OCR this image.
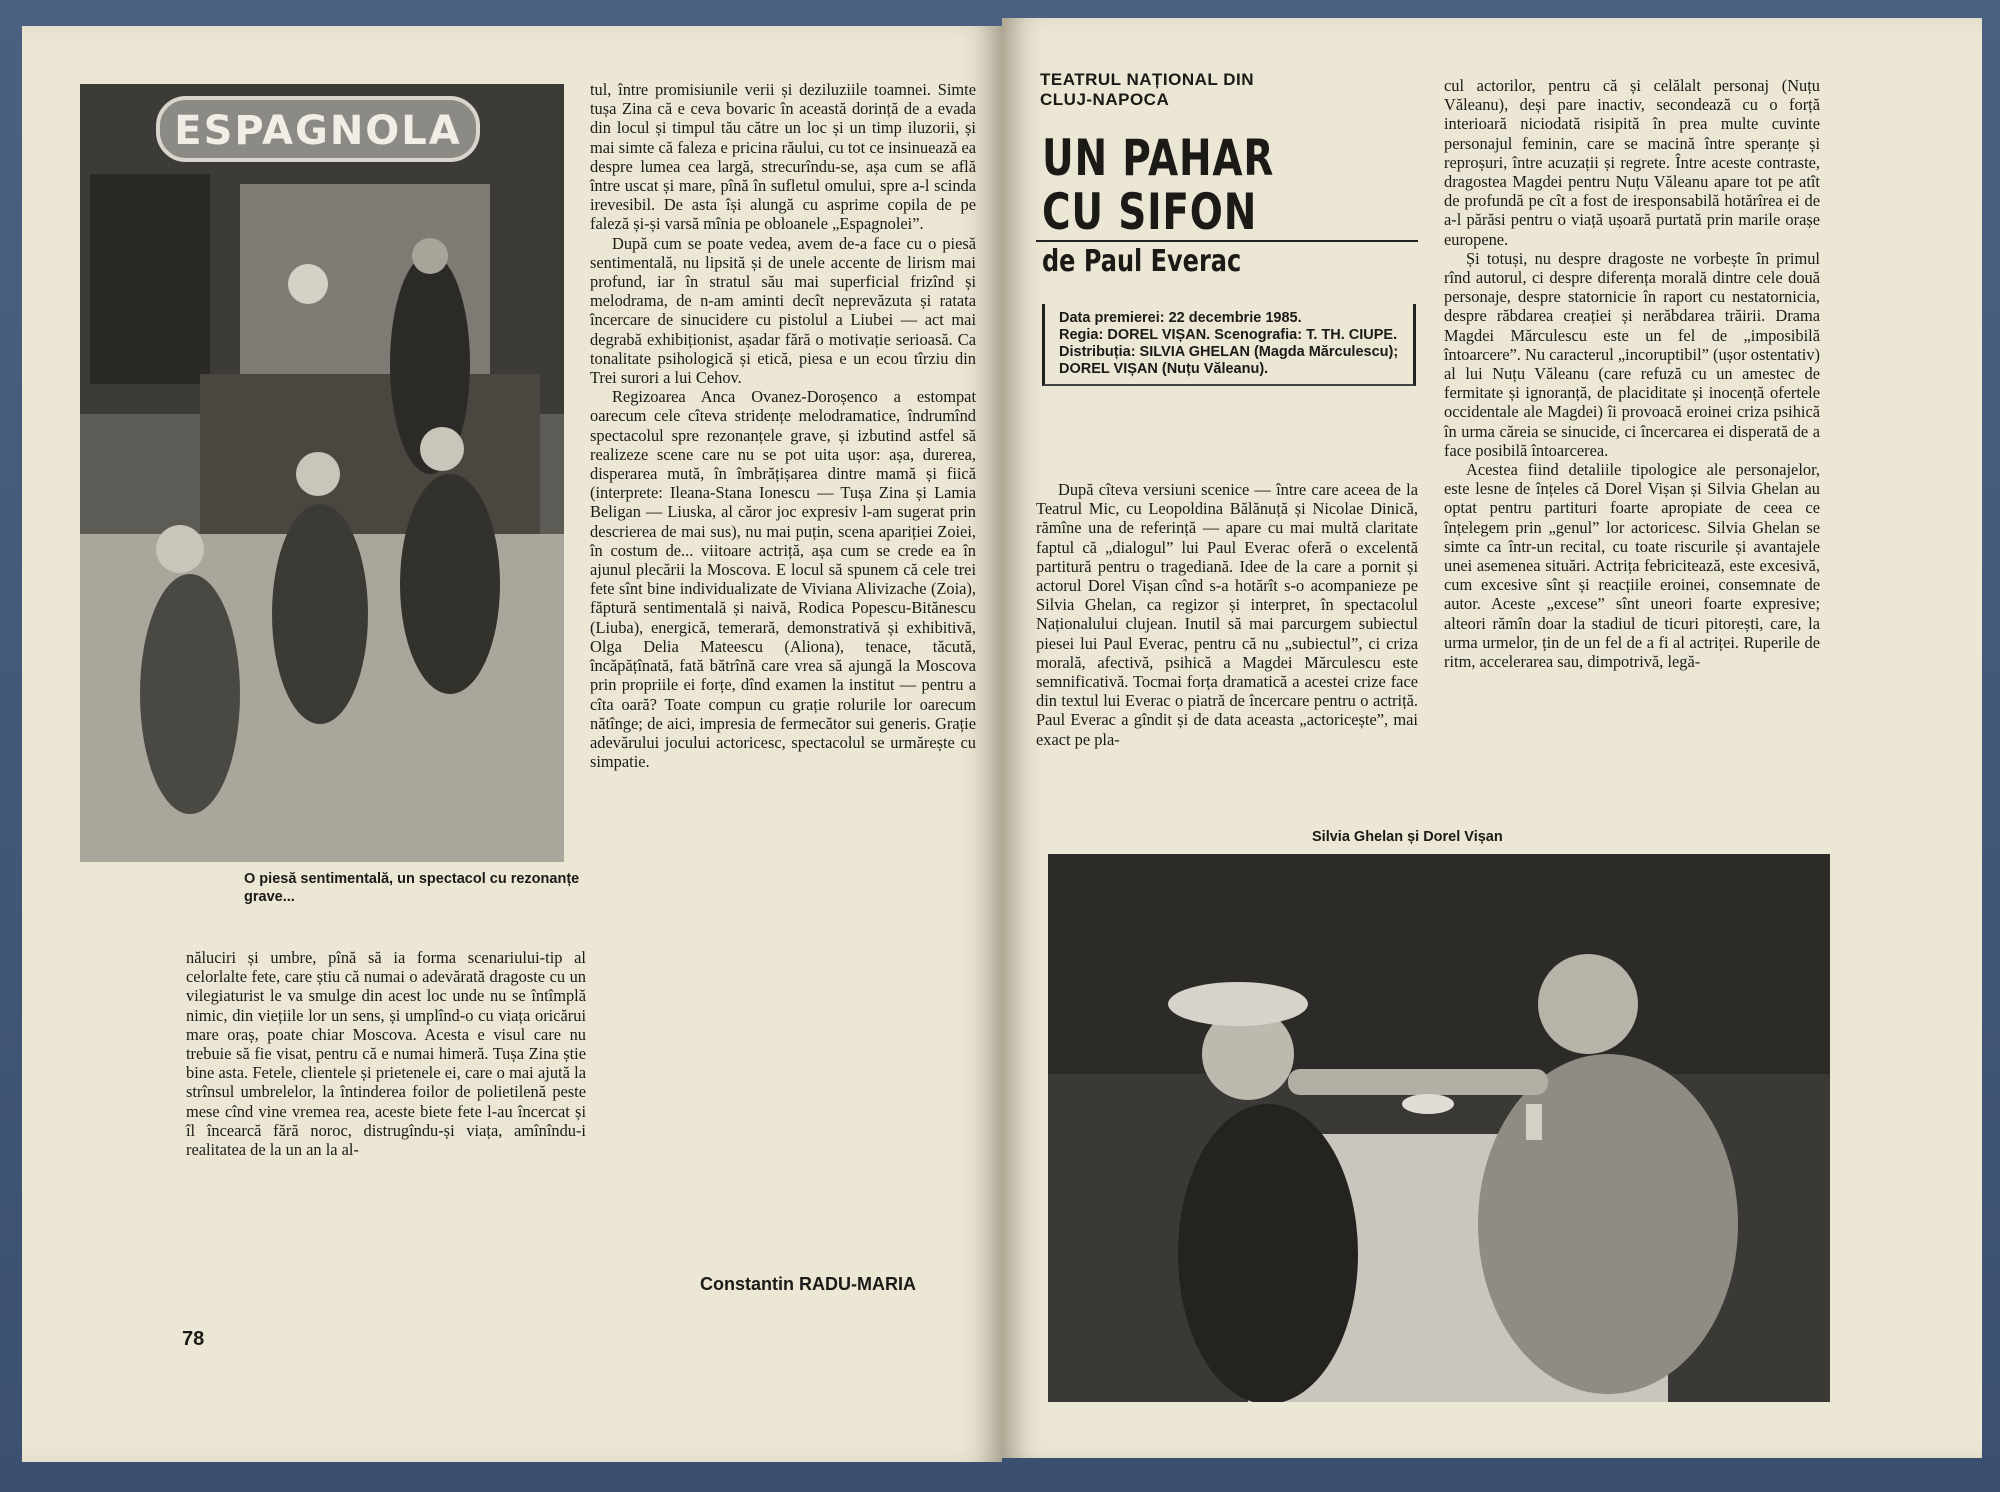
ESPAGNOLA
O piesă sentimentală, un spectacol cu rezonanțe grave...

năluciri și umbre, pînă să ia forma scenariului-tip al celorlalte fete, care știu că numai o adevărată dragoste cu un vilegiaturist le va smulge din acest loc unde nu se întîmplă nimic, din viețiile lor un sens, și umplînd-o cu viața oricărui mare oraș, poate chiar Moscova. Acesta e visul care nu trebuie să fie visat, pentru că e numai himeră. Tușa Zina știe bine asta. Fetele, clientele și prietenele ei, care o mai ajută la strînsul umbrelelor, la întinderea foilor de polietilenă peste mese cînd vine vremea rea, aceste biete fete l-au încercat și îl încearcă fără noroc, distrugîndu-și viața, amînîndu-i realitatea de la un an la al-

tul, între promisiunile verii și deziluziile toamnei. Simte tușa Zina că e ceva bovaric în această dorință de a evada din locul și timpul tău către un loc și un timp iluzorii, și mai simte că faleza e pricina răului, cu tot ce insinuează ea despre lumea cea largă, strecurîndu-se, așa cum se află între uscat și mare, pînă în sufletul omului, spre a-l scinda irevesibil. De asta își alungă cu asprime copila de pe faleză și-și varsă mînia pe obloanele „Espagnolei”.

După cum se poate vedea, avem de-a face cu o piesă sentimentală, nu lipsită și de unele accente de lirism mai profund, iar în stratul său mai superficial frizînd și melodrama, de n-am aminti decît neprevăzuta și ratata încercare de sinucidere cu pistolul a Liubei — act mai degrabă exhibiționist, așadar fără o motivație serioasă. Ca tonalitate psihologică și etică, piesa e un ecou tîrziu din Trei surori a lui Cehov.

Regizoarea Anca Ovanez-Doroșenco a estompat oarecum cele cîteva stridențe melodramatice, îndrumînd spectacolul spre rezonanțele grave, și izbutind astfel să realizeze scene care nu se pot uita ușor: așa, durerea, disperarea mută, în îmbrățișarea dintre mamă și fiică (interprete: Ileana-Stana Ionescu — Tușa Zina și Lamia Beligan — Liuska, al căror joc expresiv l-am sugerat prin descrierea de mai sus), nu mai puțin, scena apariției Zoiei, în costum de... viitoare actriță, așa cum se crede ea în ajunul plecării la Moscova. E locul să spunem că cele trei fete sînt bine individualizate de Viviana Alivizache (Zoia), făptură sentimentală și naivă, Rodica Popescu-Bitănescu (Liuba), energică, temerară, demonstrativă și exhibitivă, Olga Delia Mateescu (Aliona), tenace, tăcută, încăpățînată, fată bătrînă care vrea să ajungă la Moscova prin propriile ei forțe, dînd examen la institut — pentru a cîta oară? Toate compun cu grație rolurile lor oarecum nătînge; de aici, impresia de fermecător sui generis. Grație adevărului jocului actoricesc, spectacolul se urmărește cu simpatie.

Constantin RADU-MARIA
78
TEATRUL NAȚIONAL DIN CLUJ-NAPOCA
UN PAHAR
CU SIFON
de Paul Everac
Data premierei: 22 decembrie 1985.
Regia: DOREL VIȘAN. Scenografia: T. TH. CIUPE.
Distribuția: SILVIA GHELAN (Magda Mărculescu); DOREL VIȘAN (Nuțu Văleanu).

După cîteva versiuni scenice — între care aceea de la Teatrul Mic, cu Leopoldina Bălănuță și Nicolae Dinică, rămîne una de referință — apare cu mai multă claritate faptul că „dialogul” lui Paul Everac oferă o excelentă partitură pentru o tragediană. Idee de la care a pornit și actorul Dorel Vișan cînd s-a hotărît s-o acompanieze pe Silvia Ghelan, ca regizor și interpret, în spectacolul Naționalului clujean. Inutil să mai parcurgem subiectul piesei lui Paul Everac, pentru că nu „subiectul”, ci criza morală, afectivă, psihică a Magdei Mărculescu este semnificativă. Tocmai forța dramatică a acestei crize face din textul lui Everac o piatră de încercare pentru o actriță. Paul Everac a gîndit și de data aceasta „actoricește”, mai exact pe pla-

cul actorilor, pentru că și celălalt personaj (Nuțu Văleanu), deși pare inactiv, secondează cu o forță interioară niciodată risipită în prea multe cuvinte personajul feminin, care se macină între speranțe și reproșuri, între acuzații și regrete. Între aceste contraste, dragostea Magdei pentru Nuțu Văleanu apare tot pe atît de profundă pe cît a fost de iresponsabilă hotărîrea ei de a-l părăsi pentru o viață ușoară purtată prin marile orașe europene.

Și totuși, nu despre dragoste ne vorbește în primul rînd autorul, ci despre diferența morală dintre cele două personaje, despre statornicie în raport cu nestatornicia, despre răbdarea creației și nerăbdarea trăirii. Drama Magdei Mărculescu este un fel de „imposibilă întoarcere”. Nu caracterul „incoruptibil” (ușor ostentativ) al lui Nuțu Văleanu (care refuză cu un amestec de fermitate și ignoranță, de placiditate și inocență ofertele occidentale ale Magdei) îi provoacă eroinei criza psihică în urma căreia se sinucide, ci încercarea ei disperată de a face posibilă întoarcerea.

Acestea fiind detaliile tipologice ale personajelor, este lesne de înțeles că Dorel Vișan și Silvia Ghelan au optat pentru partituri foarte apropiate de ceea ce înțelegem prin „genul” lor actoricesc. Silvia Ghelan se simte ca într-un recital, cu toate riscurile și avantajele unei asemenea situări. Actrița febricitează, este excesivă, cum excesive sînt și reacțiile eroinei, consemnate de autor. Aceste „excese” sînt uneori foarte expresive; alteori rămîn doar la stadiul de ticuri pitorești, care, la urma urmelor, țin de un fel de a fi al actriței. Ruperile de ritm, accelerarea sau, dimpotrivă, legă-

Silvia Ghelan și Dorel Vișan
